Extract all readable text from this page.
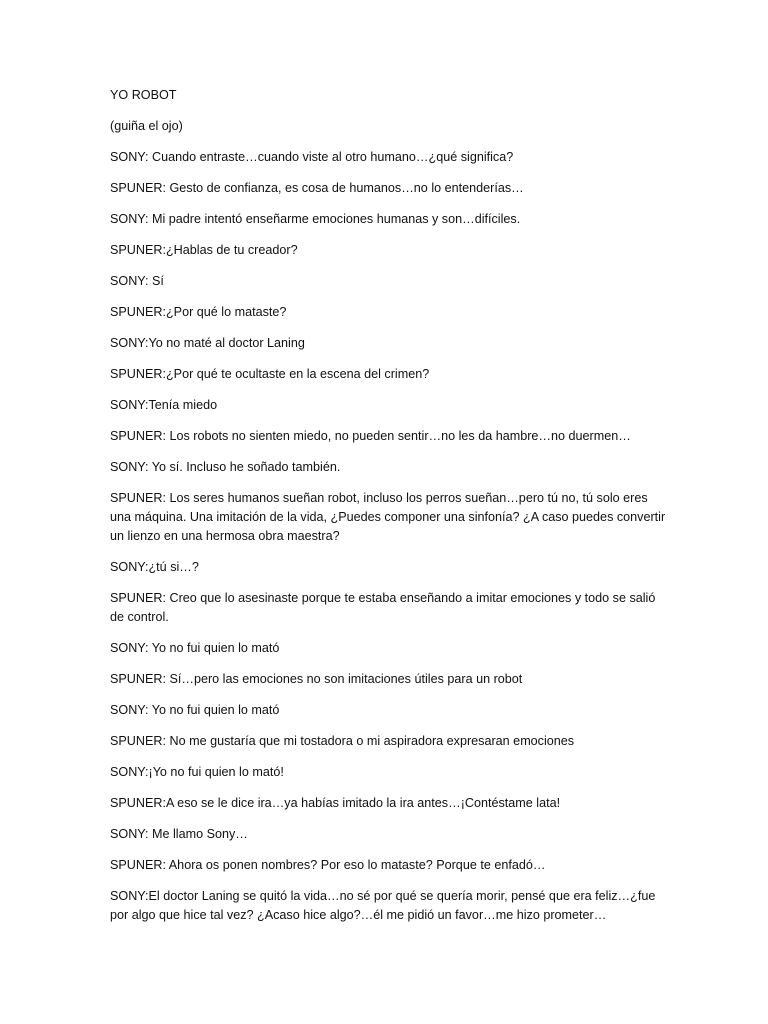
YO ROBOT

(guiña el ojo)

SONY: Cuando entraste…cuando viste al otro humano…¿qué significa?

SPUNER: Gesto de confianza, es cosa de humanos…no lo entenderías…

SONY: Mi padre intentó enseñarme emociones humanas y son…difíciles.

SPUNER:¿Hablas de tu creador?

SONY: Sí

SPUNER:¿Por qué lo mataste?

SONY:Yo no maté al doctor Laning

SPUNER:¿Por qué te ocultaste en la escena del crimen?

SONY:Tenía miedo

SPUNER: Los robots no sienten miedo, no pueden sentir…no les da hambre…no duermen…

SONY: Yo sí. Incluso he soñado también.

SPUNER: Los seres humanos sueñan robot, incluso los perros sueñan…pero tú no, tú solo eres una máquina. Una imitación de la vida, ¿Puedes componer una sinfonía? ¿A caso puedes convertir un lienzo en una hermosa obra maestra?

SONY:¿tú si…?

SPUNER: Creo que lo asesinaste porque te estaba enseñando a imitar emociones y todo se salió de control.

SONY: Yo no fui quien lo mató

SPUNER: Sí…pero las emociones no son imitaciones útiles para un robot

SONY: Yo no fui quien lo mató

SPUNER: No me gustaría que mi tostadora o mi aspiradora expresaran emociones

SONY:¡Yo no fui quien lo mató!

SPUNER:A eso se le dice ira…ya habías imitado la ira antes…¡Contéstame lata!

SONY: Me llamo Sony…

SPUNER: Ahora os ponen nombres? Por eso lo mataste? Porque te enfadó…

SONY:El doctor Laning se quitó la vida…no sé por qué se quería morir, pensé que era feliz…¿fue por algo que hice tal vez? ¿Acaso hice algo?…él me pidió un favor…me hizo prometer…
